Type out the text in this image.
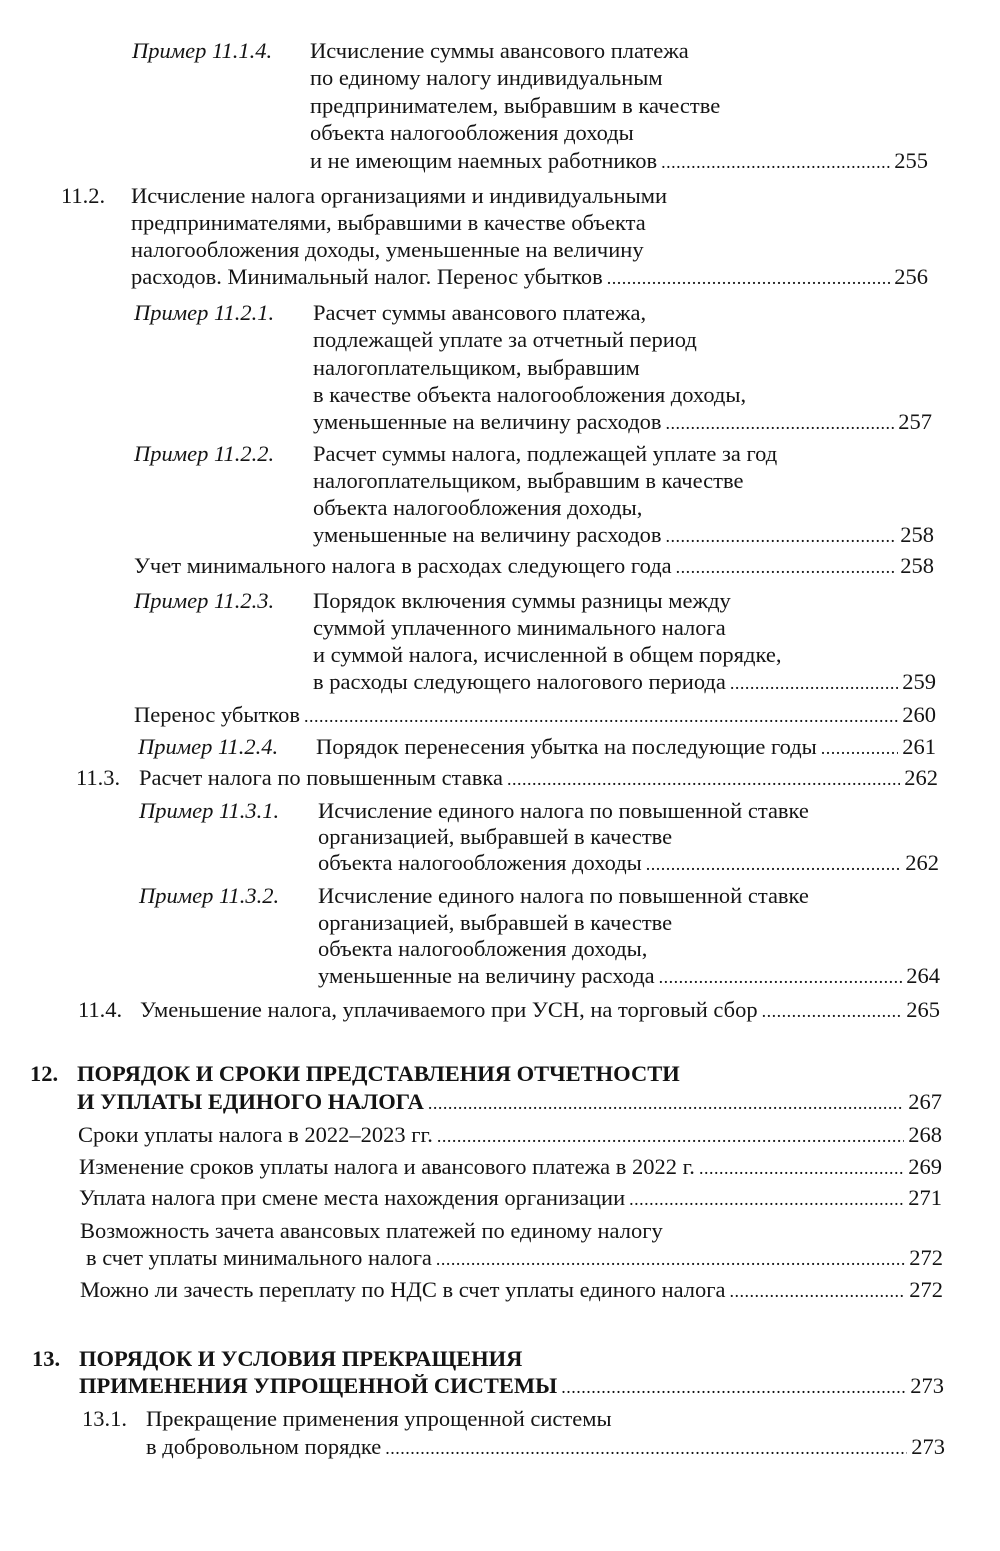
Пример 11.1.4. Исчисление суммы авансового платежа
по единому налогу индивидуальным
предпринимателем, выбравшим в качестве
объекта налогообложения доходы
и не имеющим наемных работников . . .	255
11.2. Исчисление налога организациями и индивидуальными
предпринимателями, выбравшими в качестве объекта
налогообложения доходы, уменьшенные на величину
расходов. Минимальный налог. Перенос убытков . . .	256
Пример 11.2.1. Расчет суммы авансового платежа,
подлежащей уплате за отчетный период
налогоплательщиком, выбравшим
в качестве объекта налогообложения доходы,
уменьшенные на величину расходов . . .	257
Пример 11.2.2. Расчет суммы налога, подлежащей уплате за год
налогоплательщиком, выбравшим в качестве
объекта налогообложения доходы,
уменьшенные на величину расходов . . .	258
Учет минимального налога в расходах следующего года . . .	258
Пример 11.2.3. Порядок включения суммы разницы между
суммой уплаченного минимального налога
и суммой налога, исчисленной в общем порядке,
в расходы следующего налогового периода . . .	259
Перенос убытков . . .	260
Пример 11.2.4. Порядок перенесения убытка на последующие годы . . .	261
11.3. Расчет налога по повышенным ставка . . .	262
Пример 11.3.1. Исчисление единого налога по повышенной ставке
организацией, выбравшей в качестве
объекта налогообложения доходы . . .	262
Пример 11.3.2. Исчисление единого налога по повышенной ставке
организацией, выбравшей в качестве
объекта налогообложения доходы,
уменьшенные на величину расхода . . .	264
11.4. Уменьшение налога, уплачиваемого при УСН, на торговый сбор . . .	265
12. ПОРЯДОК И СРОКИ ПРЕДСТАВЛЕНИЯ ОТЧЕТНОСТИ
И УПЛАТЫ ЕДИНОГО НАЛОГА . . .	267
Сроки уплаты налога в 2022–2023 гг. . . .	268
Изменение сроков уплаты налога и авансового платежа в 2022 г. . . .	269
Уплата налога при смене места нахождения организации . . .	271
Возможность зачета авансовых платежей по единому налогу
в счет уплаты минимального налога . . .	272
Можно ли зачесть переплату по НДС в счет уплаты единого налога . . .	272
13. ПОРЯДОК И УСЛОВИЯ ПРЕКРАЩЕНИЯ
ПРИМЕНЕНИЯ УПРОЩЕННОЙ СИСТЕМЫ . . .	273
13.1. Прекращение применения упрощенной системы
в добровольном порядке . . .	273
